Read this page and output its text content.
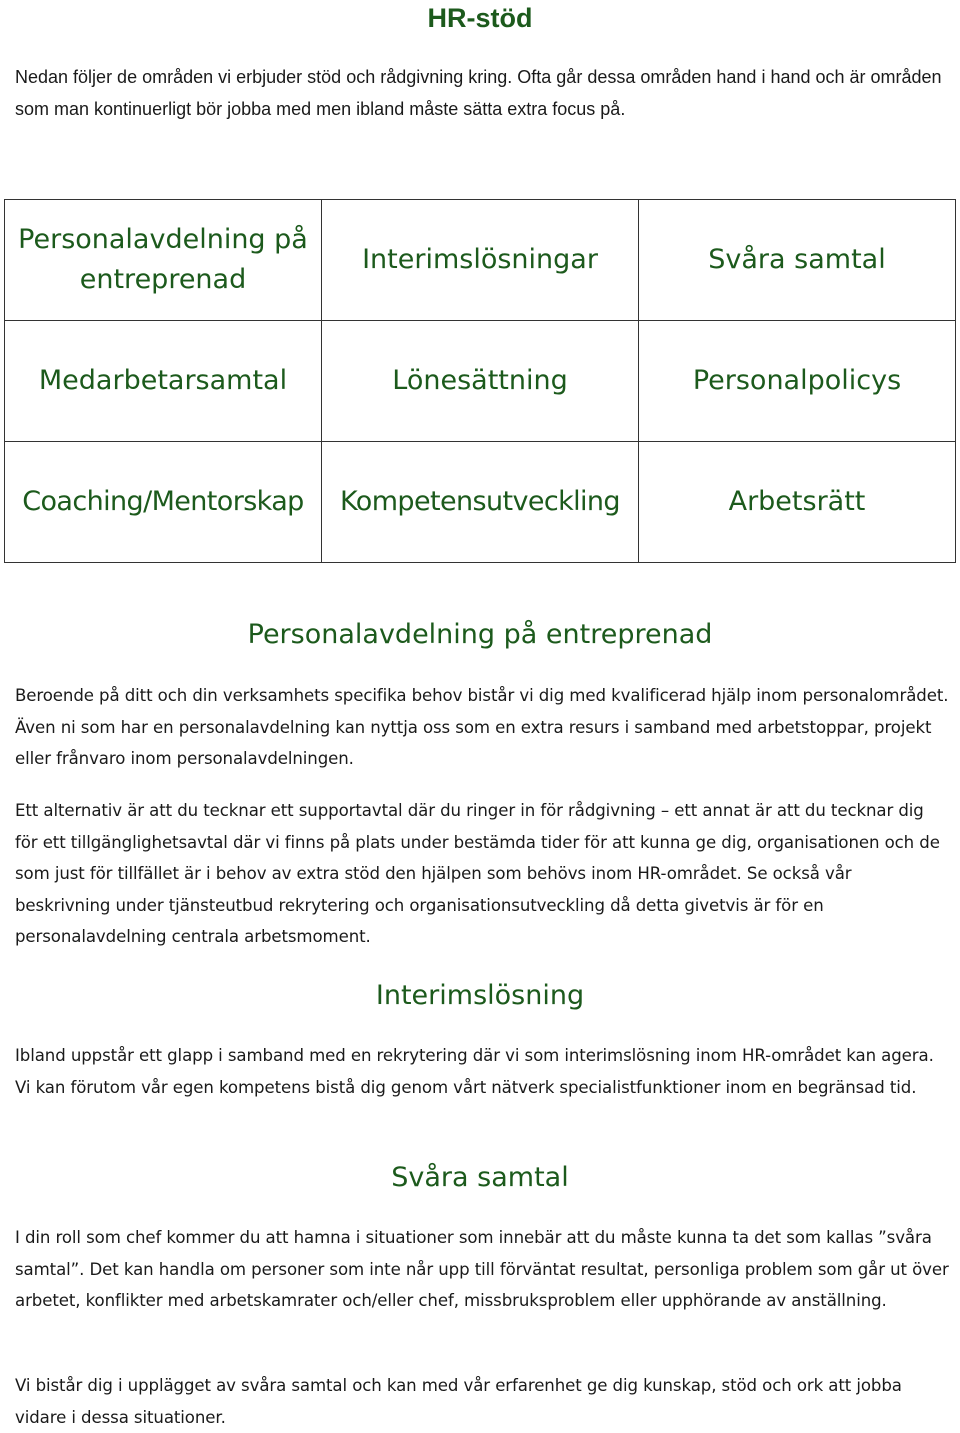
HR-stöd
Nedan följer de områden vi erbjuder stöd och rådgivning kring. Ofta går dessa områden hand i hand och är områden som man kontinuerligt bör jobba med men ibland måste sätta extra focus på.
Personalavdelning på entreprenad	Interimslösningar	Svåra samtal
Medarbetarsamtal	Lönesättning	Personalpolicys
Coaching/Mentorskap	Kompetensutveckling	Arbetsrätt
Personalavdelning på entreprenad
Beroende på ditt och din verksamhets specifika behov bistår vi dig med kvalificerad hjälp inom personalområdet. Även ni som har en personalavdelning kan nyttja oss som en extra resurs i samband med arbetstoppar, projekt eller frånvaro inom personalavdelningen.
Ett alternativ är att du tecknar ett supportavtal där du ringer in för rådgivning – ett annat är att du tecknar dig för ett tillgänglighetsavtal där vi finns på plats under bestämda tider för att kunna ge dig, organisationen och de som just för tillfället är i behov av extra stöd den hjälpen som behövs inom HR-området. Se också vår beskrivning under tjänsteutbud rekrytering och organisationsutveckling då detta givetvis är för en personalavdelning centrala arbetsmoment.
Interimslösning
Ibland uppstår ett glapp i samband med en rekrytering där vi som interimslösning inom HR-området kan agera. Vi kan förutom vår egen kompetens bistå dig genom vårt nätverk specialistfunktioner inom en begränsad tid.
Svåra samtal
I din roll som chef kommer du att hamna i situationer som innebär att du måste kunna ta det som kallas ”svåra samtal”. Det kan handla om personer som inte når upp till förväntat resultat, personliga problem som går ut över arbetet, konflikter med arbetskamrater och/eller chef, missbruksproblem eller upphörande av anställning.
Vi bistår dig i upplägget av svåra samtal och kan med vår erfarenhet ge dig kunskap, stöd och ork att jobba vidare i dessa situationer.
